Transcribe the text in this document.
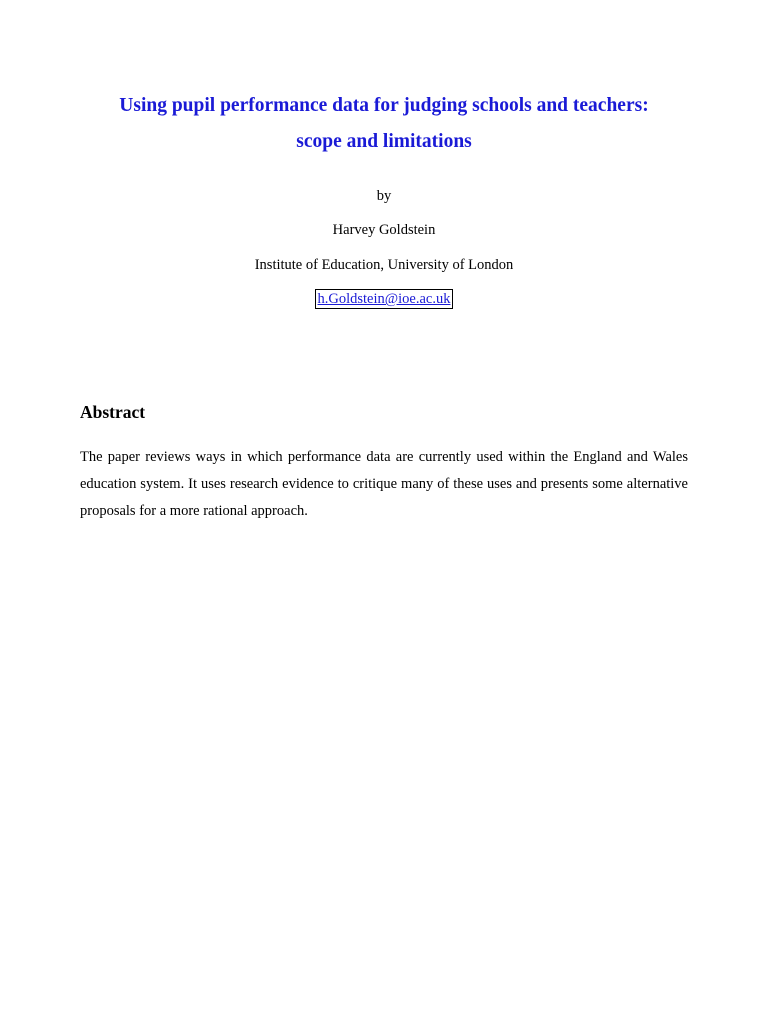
Using pupil performance data for judging schools and teachers:
scope and limitations
by
Harvey Goldstein
Institute of Education, University of London
h.Goldstein@ioe.ac.uk
Abstract

The paper reviews ways in which performance data are currently used within the England and Wales education system. It uses research evidence to critique many of these uses and presents some alternative proposals for a more rational approach.
